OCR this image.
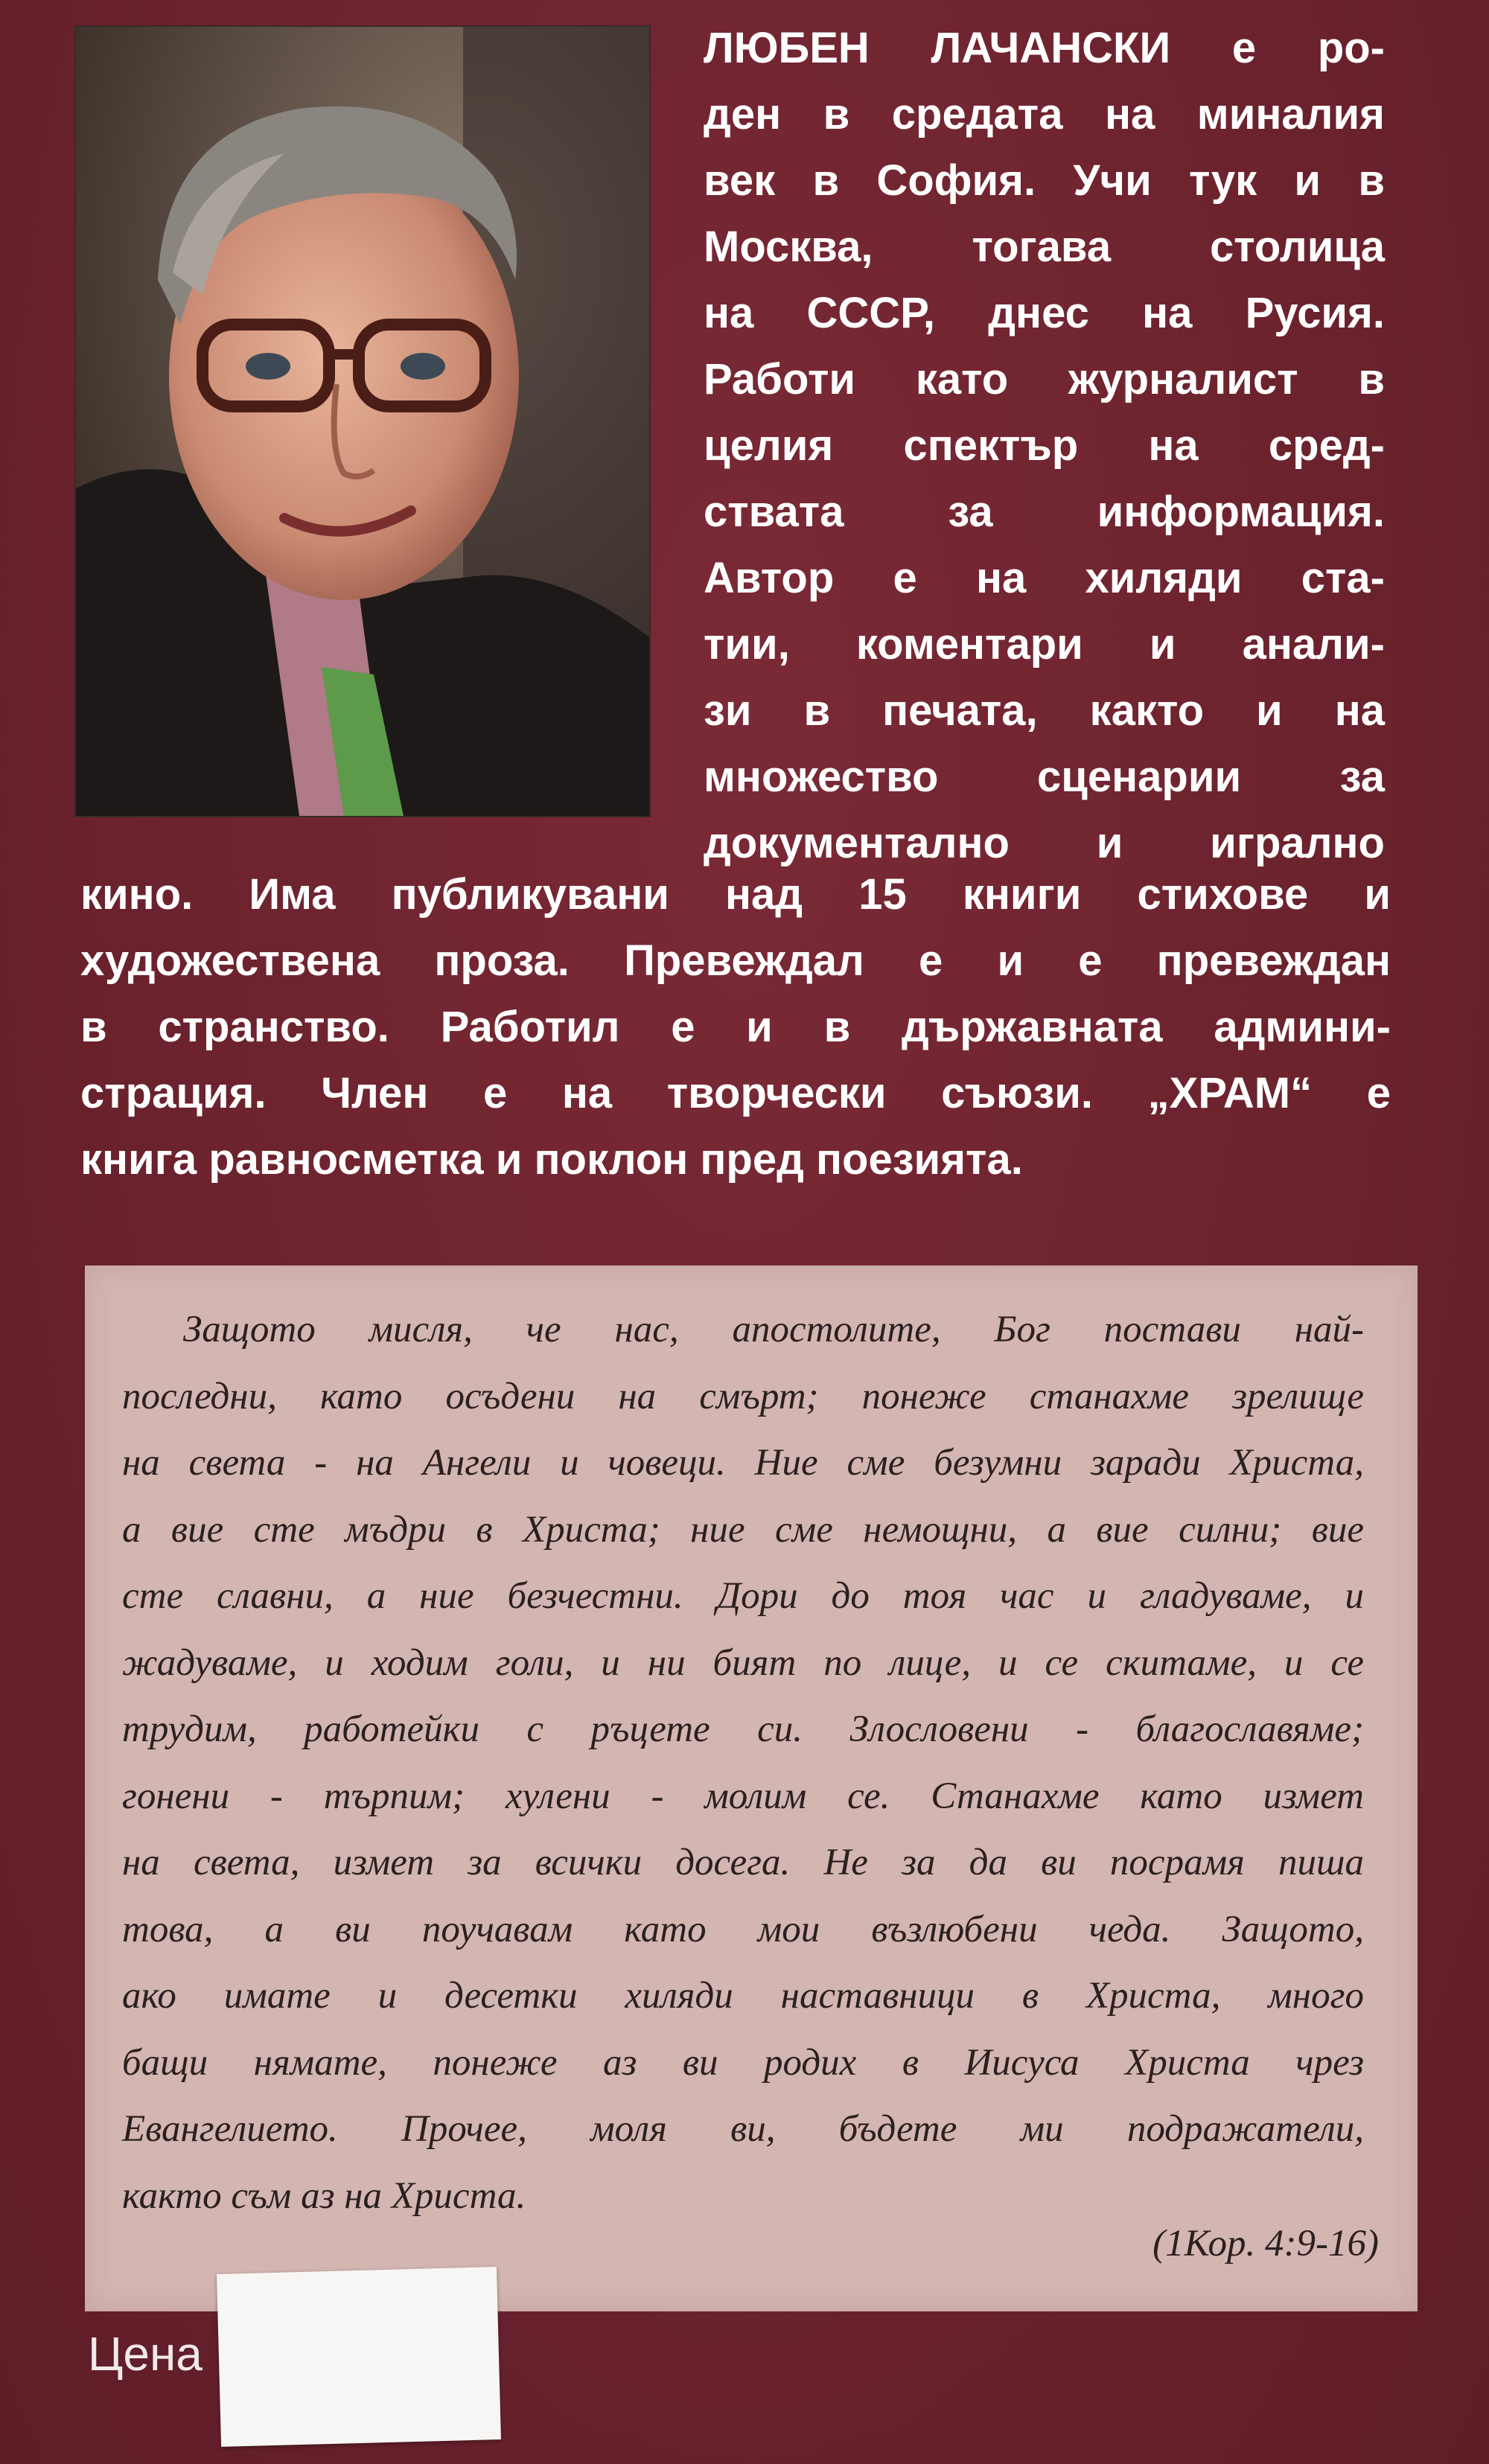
ЛЮБЕН ЛАЧАНСКИ е ро-
ден в средата на миналия
век в София. Учи тук и в
Москва, тогава столица
на СССР, днес на Русия.
Работи като журналист в
целия спектър на сред-
ствата за информация.
Автор е на хиляди ста-
тии, коментари и анали-
зи в печата, както и на
множество сценарии за
документално и игрално
кино. Има публикувани над 15 книги стихове и
художествена проза. Превеждал е и е превеждан
в странство. Работил е и в държавната админи-
страция. Член е на творчески съюзи. „ХРАМ“ е
книга равносметка и поклон пред поезията.
Защото мисля, че нас, апостолите, Бог постави най-
последни, като осъдени на смърт; понеже станахме зрелище
на света - на Ангели и човеци. Ние сме безумни заради Христа,
а вие сте мъдри в Христа; ние сме немощни, а вие силни; вие
сте славни, а ние безчестни. Дори до тоя час и гладуваме, и
жадуваме, и ходим голи, и ни бият по лице, и се скитаме, и се
трудим, работейки с ръцете си. Злословени - благославяме;
гонени - търпим; хулени - молим се. Станахме като измет
на света, измет за всички досега. Не за да ви посрамя пиша
това, а ви поучавам като мои възлюбени чеда. Защото,
ако имате и десетки хиляди наставници в Христа, много
бащи нямате, понеже аз ви родих в Иисуса Христа чрез
Евангелието. Прочее, моля ви, бъдете ми подражатели,
както съм аз на Христа.
(1Кор. 4:9-16)
Цена
